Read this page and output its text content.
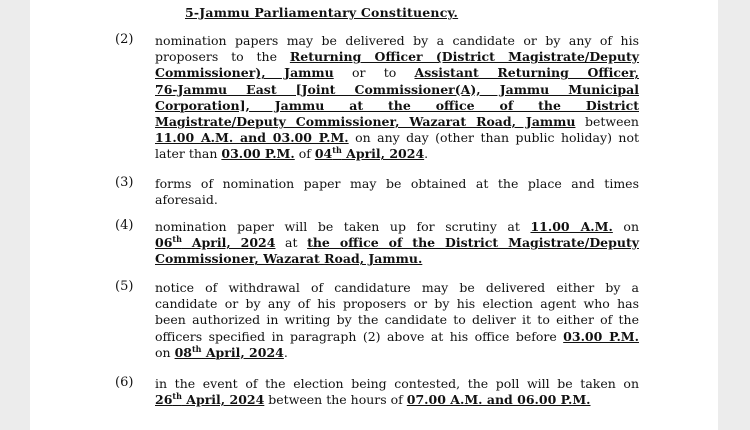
5-Jammu Parliamentary Constituency.
(2) nomination papers may be delivered by a candidate or by any of his
proposers to the Returning Officer (District Magistrate/Deputy
Commissioner), Jammu or to Assistant Returning Officer,
76-Jammu East [Joint Commissioner(A), Jammu Municipal
Corporation], Jammu at the office of the District
Magistrate/Deputy Commissioner, Wazarat Road, Jammu between
11.00 A.M. and 03.00 P.M. on any day (other than public holiday) not
later than 03.00 P.M. of 04th April, 2024.
(3) forms of nomination paper may be obtained at the place and times
aforesaid.
(4) nomination paper will be taken up for scrutiny at 11.00 A.M. on
06th April, 2024 at the office of the District Magistrate/Deputy
Commissioner, Wazarat Road, Jammu.
(5) notice of withdrawal of candidature may be delivered either by a
candidate or by any of his proposers or by his election agent who has
been authorized in writing by the candidate to deliver it to either of the
officers specified in paragraph (2) above at his office before 03.00 P.M.
on 08th April, 2024.
(6) in the event of the election being contested, the poll will be taken on
26th April, 2024 between the hours of 07.00 A.M. and 06.00 P.M.
